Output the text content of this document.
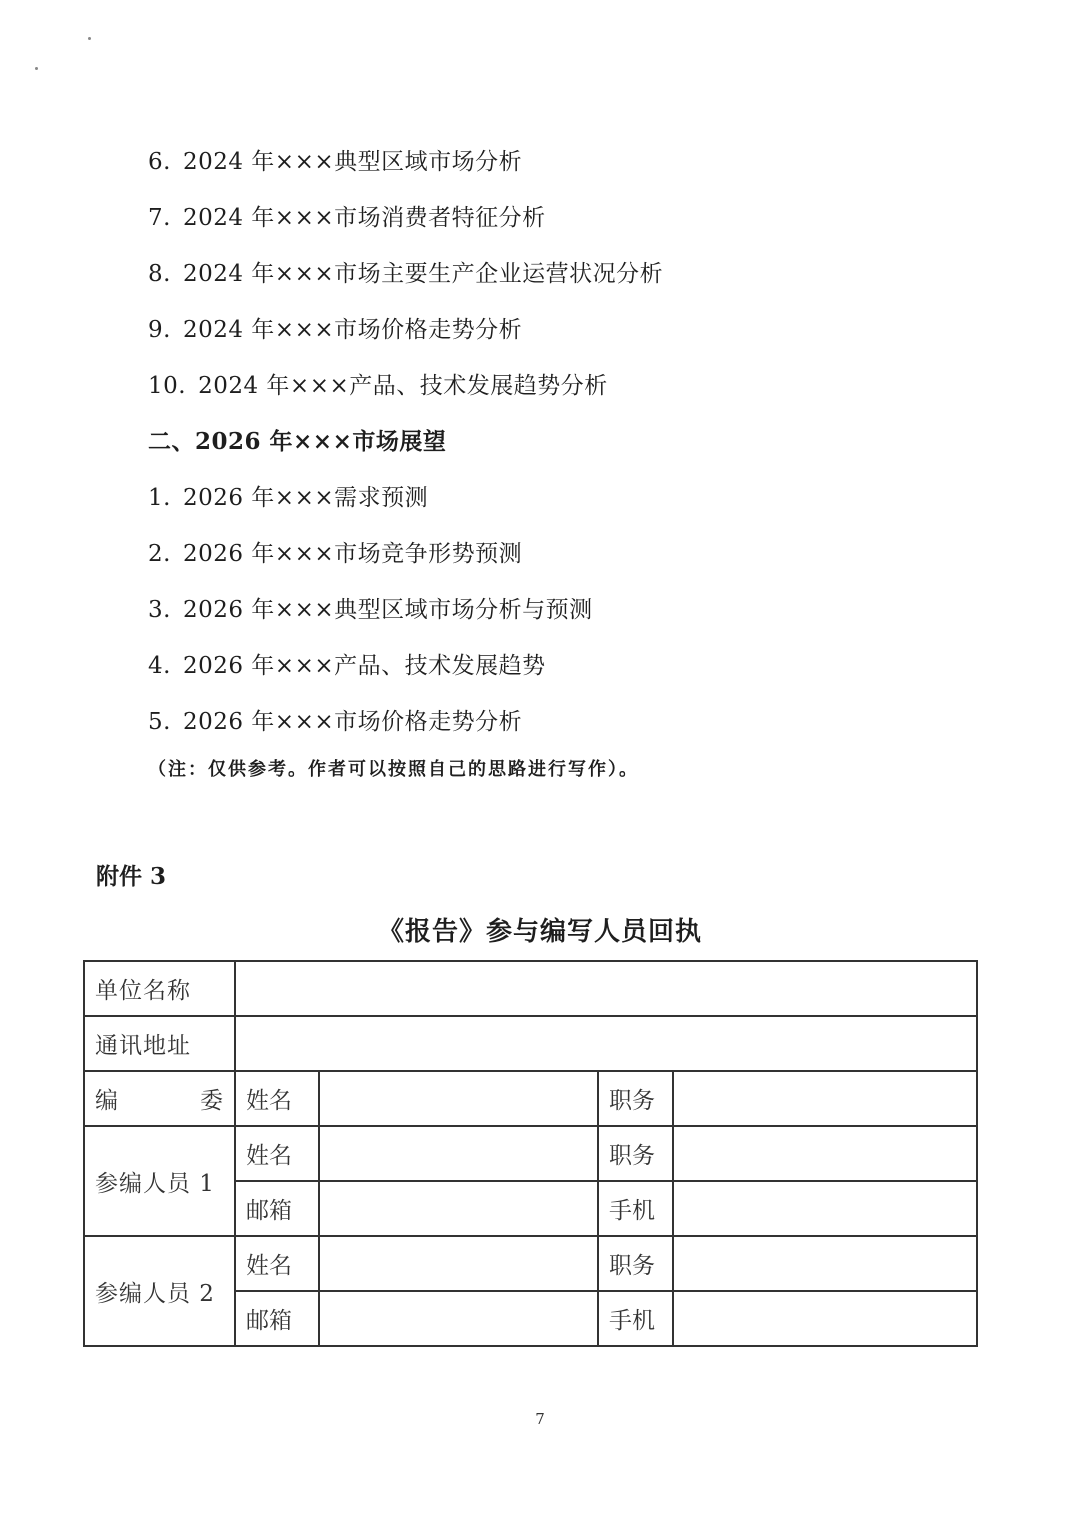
6. 2024 年×××典型区域市场分析
7. 2024 年×××市场消费者特征分析
8. 2024 年×××市场主要生产企业运营状况分析
9. 2024 年×××市场价格走势分析
10. 2024 年×××产品、技术发展趋势分析
二、2026 年×××市场展望
1. 2026 年×××需求预测
2. 2026 年×××市场竞争形势预测
3. 2026 年×××典型区域市场分析与预测
4. 2026 年×××产品、技术发展趋势
5. 2026 年×××市场价格走势分析
（注：仅供参考。作者可以按照自己的思路进行写作）。
附件 3
《报告》参与编写人员回执
单位名称				
通讯地址				

编 委	姓名		职务	
参编人员 1	姓名		职务	
	邮箱		手机	
参编人员 2	姓名		职务	
	邮箱		手机	
7
